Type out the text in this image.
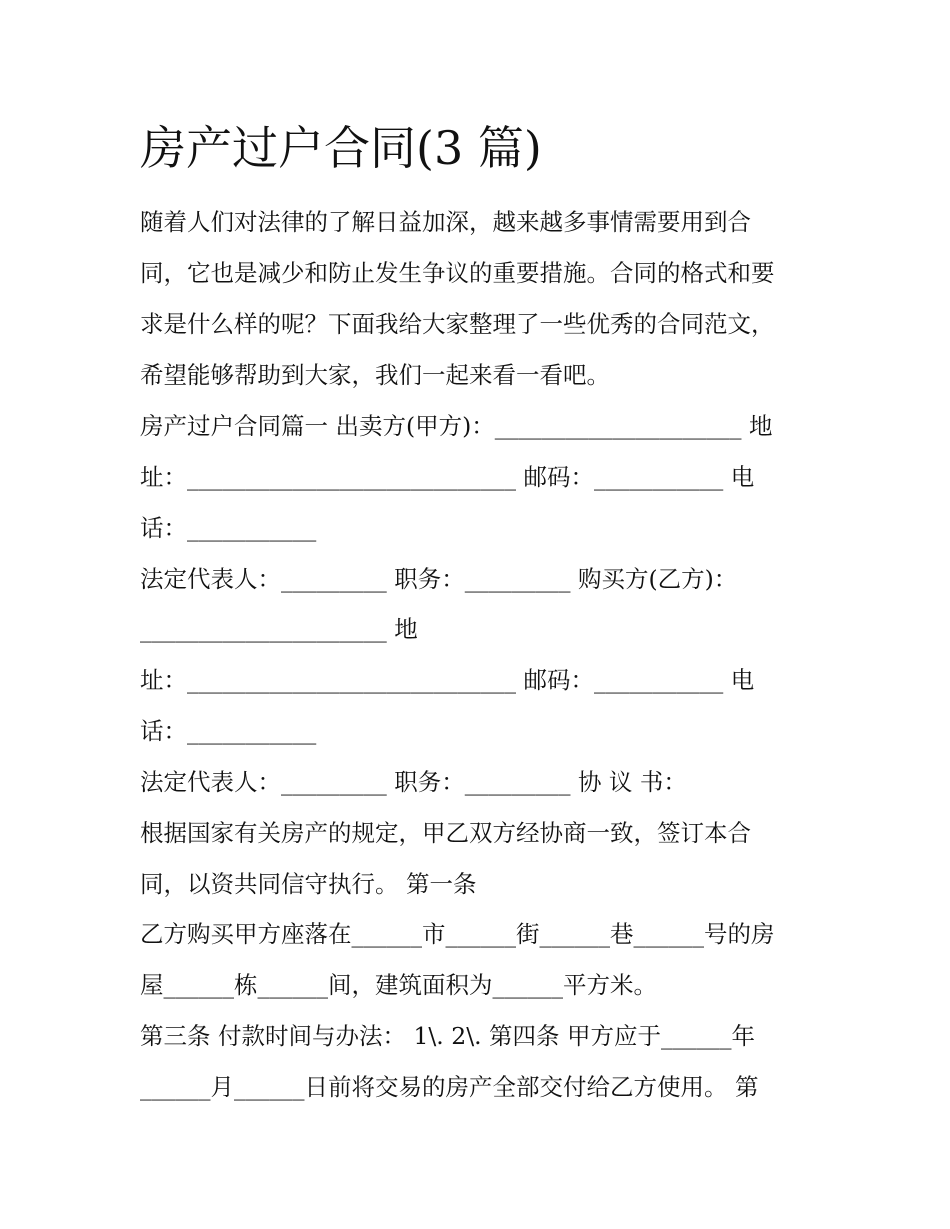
房产过户合同(3 篇)
随着人们对法律的了解日益加深，越来越多事情需要用到合
同，它也是减少和防止发生争议的重要措施。合同的格式和要
求是什么样的呢？下面我给大家整理了一些优秀的合同范文，
希望能够帮助到大家，我们一起来看一看吧。
房产过户合同篇一 出卖方(甲方)：_____________________ 地
址：____________________________ 邮码：___________ 电
话：___________
法定代表人：_________ 职务：_________ 购买方(乙方)：
_____________________ 地
址：____________________________ 邮码：___________ 电
话：___________
法定代表人：_________ 职务：_________ 协 议 书：
根据国家有关房产的规定，甲乙双方经协商一致，签订本合
同，以资共同信守执行。 第一条
乙方购买甲方座落在______市______街______巷______号的房
屋______栋______间，建筑面积为______平方米。
第三条 付款时间与办法： 1\. 2\. 第四条 甲方应于______年
______月______日前将交易的房产全部交付给乙方使用。 第
